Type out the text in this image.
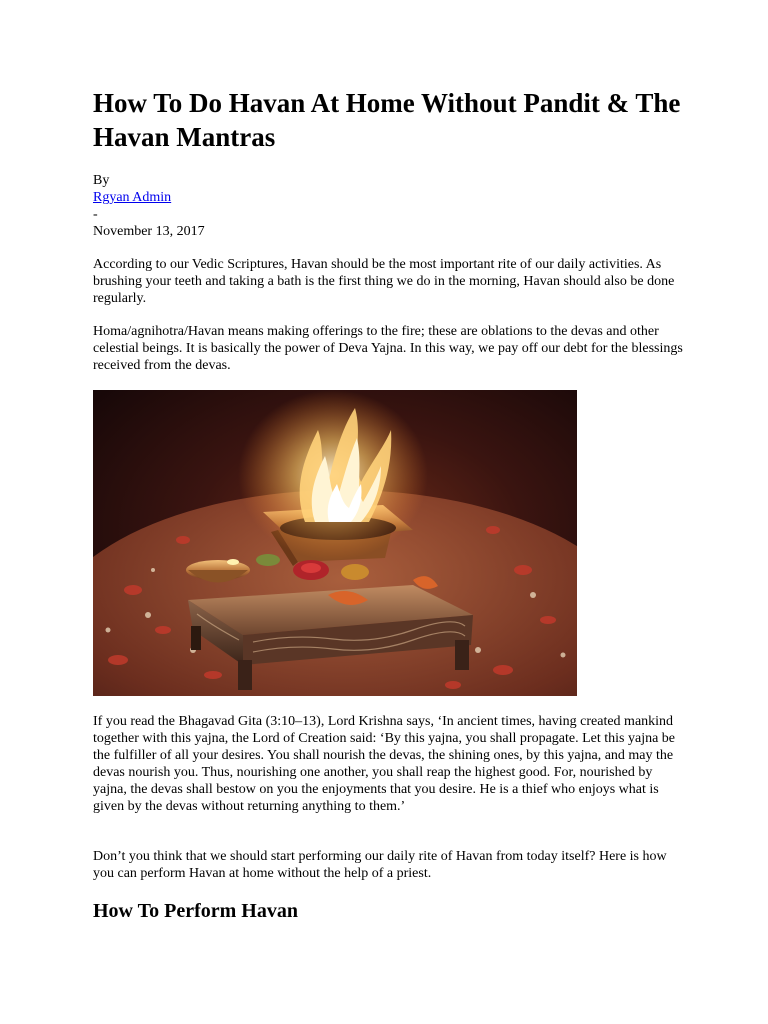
How To Do Havan At Home Without Pandit & The Havan Mantras
By
Rgyan Admin
-
November 13, 2017

According to our Vedic Scriptures, Havan should be the most important rite of our daily activities. As brushing your teeth and taking a bath is the first thing we do in the morning, Havan should also be done regularly.

Homa/agnihotra/Havan means making offerings to the fire; these are oblations to the devas and other celestial beings. It is basically the power of Deva Yajna. In this way, we pay off our debt for the blessings received from the devas.

If you read the Bhagavad Gita (3:10–13), Lord Krishna says, ‘In ancient times, having created mankind together with this yajna, the Lord of Creation said: ‘By this yajna, you shall propagate. Let this yajna be the fulfiller of all your desires. You shall nourish the devas, the shining ones, by this yajna, and may the devas nourish you. Thus, nourishing one another, you shall reap the highest good. For, nourished by yajna, the devas shall bestow on you the enjoyments that you desire. He is a thief who enjoys what is given by the devas without returning anything to them.’

Don’t you think that we should start performing our daily rite of Havan from today itself? Here is how you can perform Havan at home without the help of a priest.

How To Perform Havan
